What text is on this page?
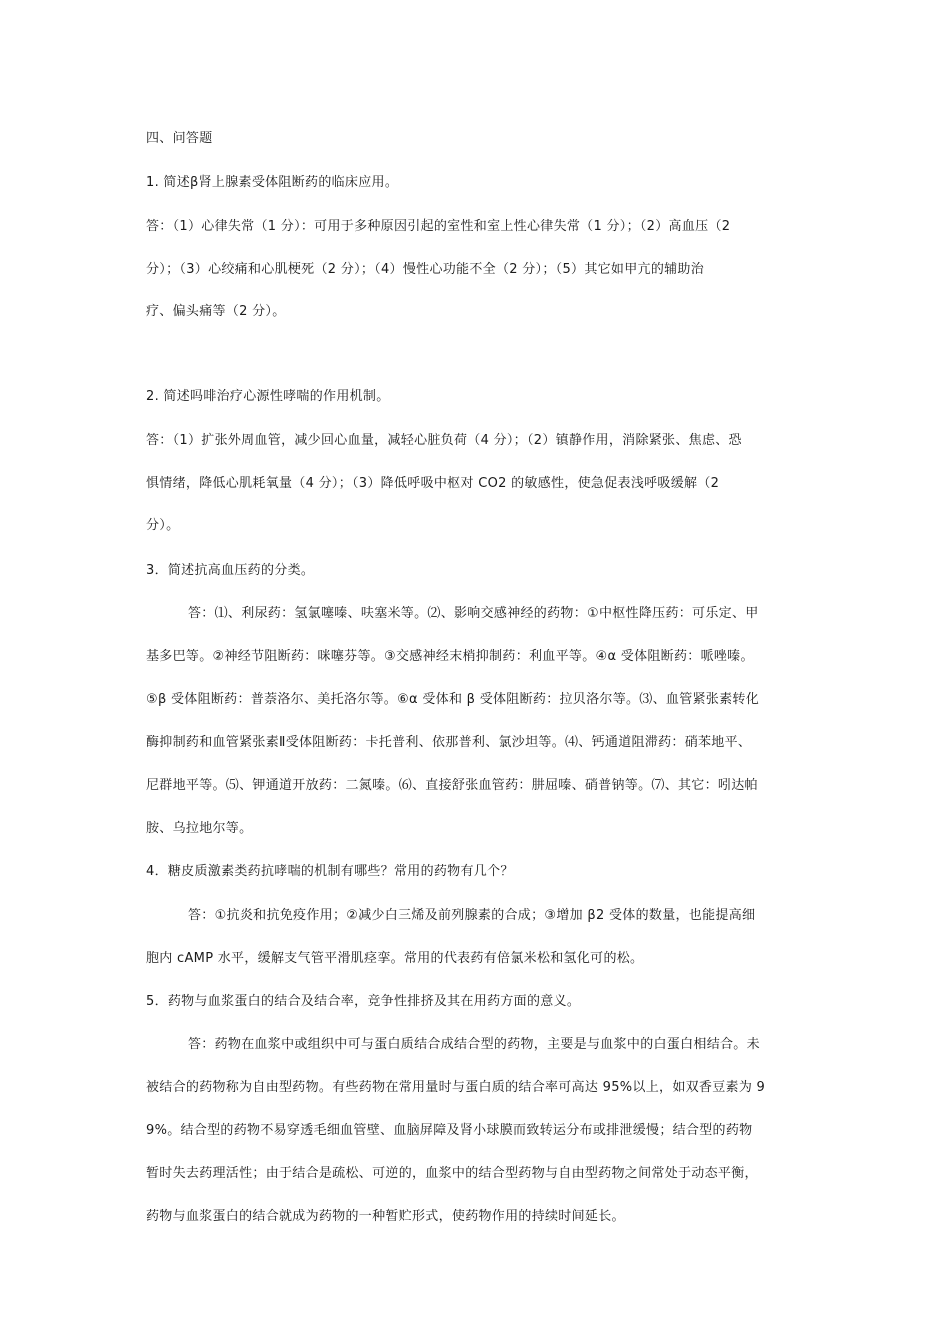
四、问答题
1. 简述β肾上腺素受体阻断药的临床应用。
答：（1）心律失常（1 分）：可用于多种原因引起的室性和室上性心律失常（1 分）；（2）高血压（2
分）；（3）心绞痛和心肌梗死（2 分）；（4）慢性心功能不全（2 分）；（5）其它如甲亢的辅助治
疗、偏头痛等（2 分）。
2. 简述吗啡治疗心源性哮喘的作用机制。
答：（1）扩张外周血管，减少回心血量，减轻心脏负荷（4 分）；（2）镇静作用，消除紧张、焦虑、恐
惧情绪，降低心肌耗氧量（4 分）；（3）降低呼吸中枢对 CO2 的敏感性，使急促表浅呼吸缓解（2
分）。
3．简述抗高血压药的分类。
答：⑴、利尿药：氢氯噻嗪、呋塞米等。⑵、影响交感神经的药物：①中枢性降压药：可乐定、甲
基多巴等。②神经节阻断药：咪噻芬等。③交感神经末梢抑制药：利血平等。④α 受体阻断药：哌唑嗪。
⑤β 受体阻断药：普萘洛尔、美托洛尔等。⑥α 受体和 β 受体阻断药：拉贝洛尔等。⑶、血管紧张素转化
酶抑制药和血管紧张素Ⅱ受体阻断药：卡托普利、依那普利、氯沙坦等。⑷、钙通道阻滞药：硝苯地平、
尼群地平等。⑸、钾通道开放药：二氮嗪。⑹、直接舒张血管药：肼屈嗪、硝普钠等。⑺、其它：吲达帕
胺、乌拉地尔等。
4．糖皮质激素类药抗哮喘的机制有哪些？常用的药物有几个？
答：①抗炎和抗免疫作用；②减少白三烯及前列腺素的合成；③增加 β2 受体的数量，也能提高细
胞内 cAMP 水平，缓解支气管平滑肌痉挛。常用的代表药有倍氯米松和氢化可的松。
5．药物与血浆蛋白的结合及结合率，竞争性排挤及其在用药方面的意义。
答：药物在血浆中或组织中可与蛋白质结合成结合型的药物，主要是与血浆中的白蛋白相结合。未
被结合的药物称为自由型药物。有些药物在常用量时与蛋白质的结合率可高达 95%以上，如双香豆素为 9
9%。结合型的药物不易穿透毛细血管壁、血脑屏障及肾小球膜而致转运分布或排泄缓慢；结合型的药物
暂时失去药理活性；由于结合是疏松、可逆的，血浆中的结合型药物与自由型药物之间常处于动态平衡，
药物与血浆蛋白的结合就成为药物的一种暂贮形式，使药物作用的持续时间延长。
